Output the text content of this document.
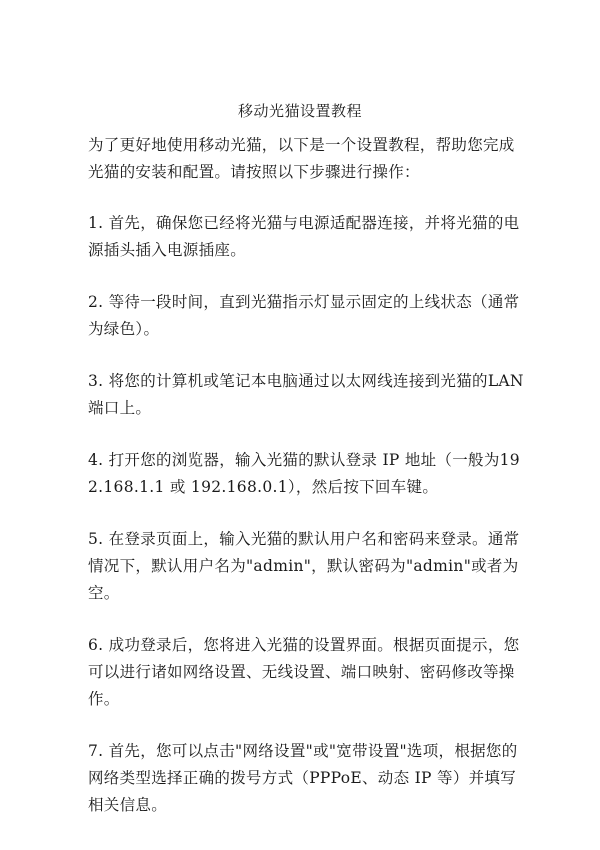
移动光猫设置教程

为了更好地使用移动光猫，以下是一个设置教程，帮助您完成光猫的安装和配置。请按照以下步骤进行操作：

1. 首先，确保您已经将光猫与电源适配器连接，并将光猫的电源插头插入电源插座。

2. 等待一段时间，直到光猫指示灯显示固定的上线状态（通常为绿色）。

3. 将您的计算机或笔记本电脑通过以太网线连接到光猫的LAN 端口上。

4. 打开您的浏览器，输入光猫的默认登录 IP 地址（一般为192.168.1.1 或 192.168.0.1），然后按下回车键。

5. 在登录页面上，输入光猫的默认用户名和密码来登录。通常情况下，默认用户名为"admin"，默认密码为"admin"或者为空。

6. 成功登录后，您将进入光猫的设置界面。根据页面提示，您可以进行诸如网络设置、无线设置、端口映射、密码修改等操作。

7. 首先，您可以点击"网络设置"或"宽带设置"选项，根据您的网络类型选择正确的拨号方式（PPPoE、动态 IP 等）并填写相关信息。
